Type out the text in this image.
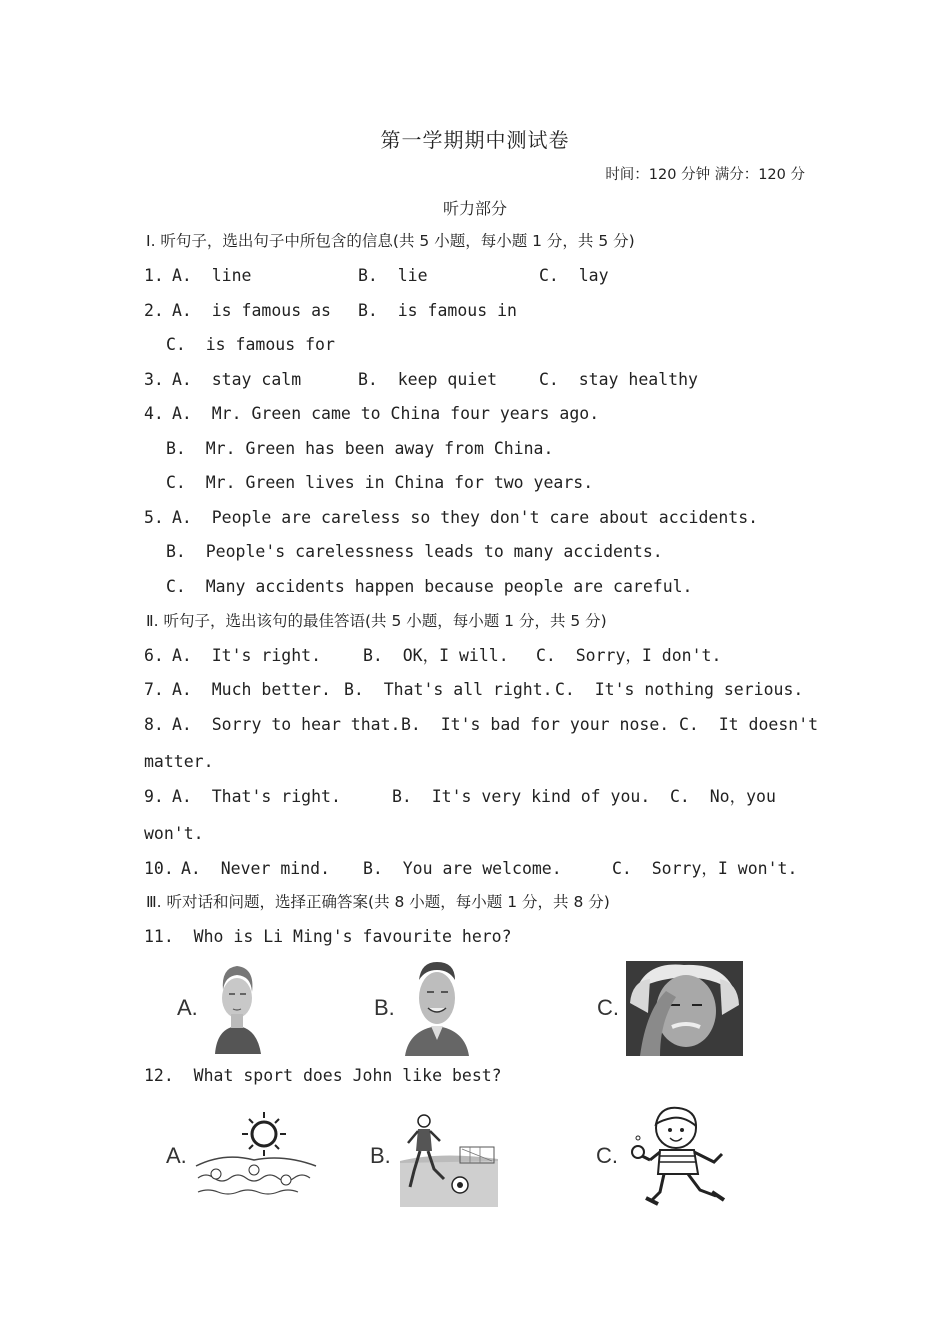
第一学期期中测试卷
时间：120 分钟 满分：120 分
听力部分
Ⅰ. 听句子，选出句子中所包含的信息(共 5 小题，每小题 1 分，共 5 分)
1. A.  line	B.  lie	C.  lay
2. A.  is famous as B.  is famous in
C.  is famous for
3. A.  stay calm	B.  keep quiet	C.  stay healthy
4. A.  Mr. Green came to China four years ago.
B.  Mr. Green has been away from China.
C.  Mr. Green lives in China for two years.
5. A.  People are careless so they don't care about accidents.
B.  People's carelessness leads to many accidents.
C.  Many accidents happen because people are careful.
Ⅱ. 听句子，选出该句的最佳答语(共 5 小题，每小题 1 分，共 5 分)
6. A.  It's right.	B.  OK，I will. C.  Sorry，I don't.
7. A.  Much better. B.  That's all right. C.  It's nothing serious.
8. A.  Sorry to hear that. B.  It's bad for your nose. C.  It doesn't
matter.
9. A.  That's right.	B.  It's very kind of you. C.  No，you
won't.
10. A.  Never mind. B.  You are welcome.	C.  Sorry，I won't.
Ⅲ. 听对话和问题，选择正确答案(共 8 小题，每小题 1 分，共 8 分)
11.  Who is Li Ming's favourite hero?
A.	B.	C.
12.  What sport does John like best?
A.	B.	C.
